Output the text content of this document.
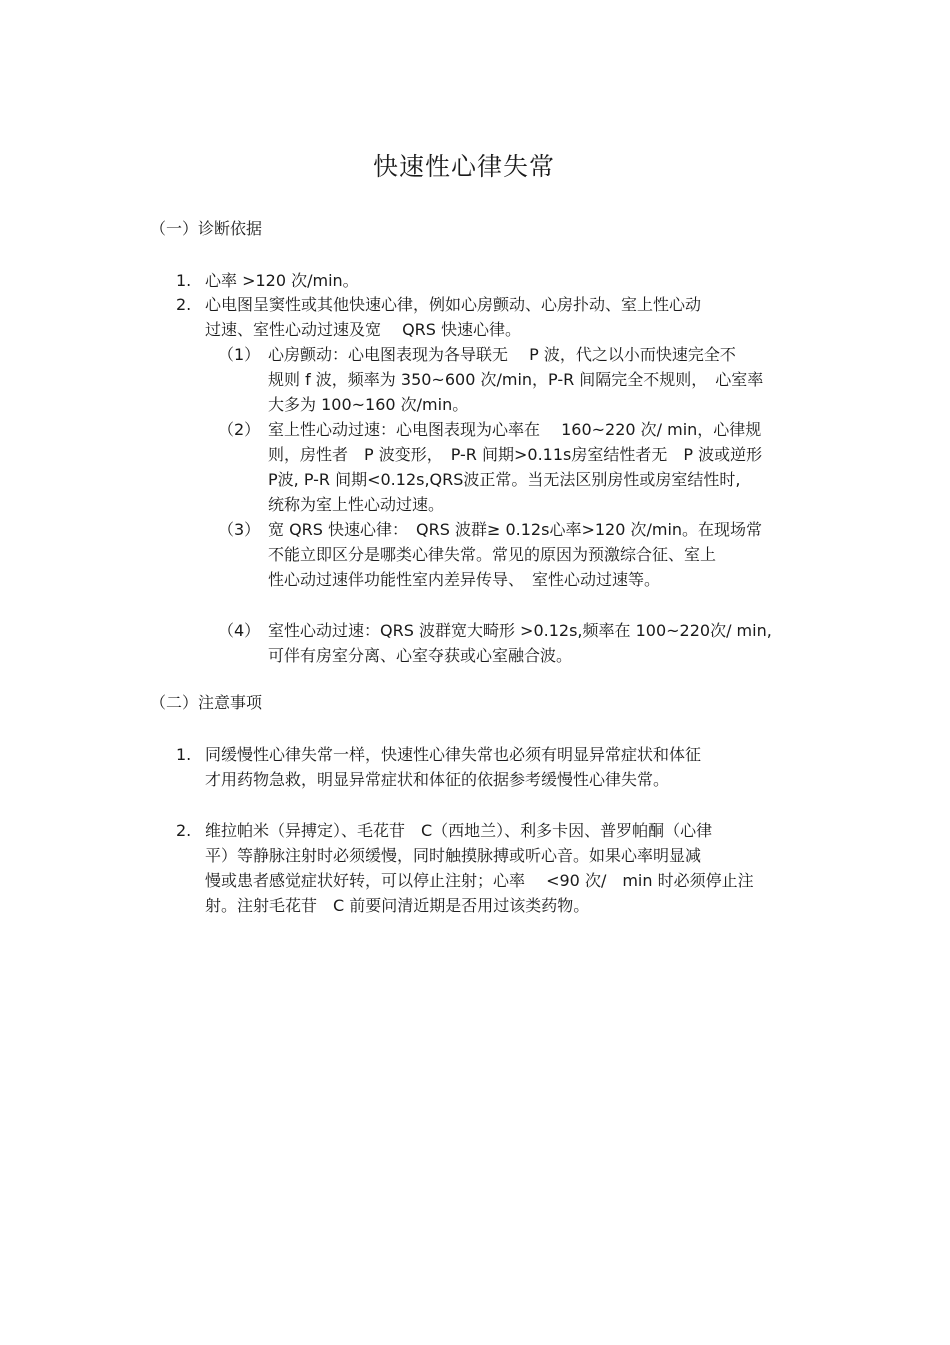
快速性心律失常
（一）诊断依据
1. 心率 >120 次/min。
2. 心电图呈窦性或其他快速心律，例如心房颤动、心房扑动、室上性心动
过速、室性心动过速及宽　 QRS 快速心律。
（1） 心房颤动：心电图表现为各导联无　 P 波，代之以小而快速完全不
规则 f 波，频率为 350~600 次/min，P-R 间隔完全不规则，　心室率
大多为 100~160 次/min。
（2） 室上性心动过速：心电图表现为心率在　 160~220 次/ min，心律规
则，房性者　P 波变形，　P-R 间期>0.11s房室结性者无　P 波或逆形
P波, P-R 间期<0.12s,QRS波正常。当无法区别房性或房室结性时,
统称为室上性心动过速。
（3） 宽 QRS 快速心律：　QRS 波群≥ 0.12s心率>120 次/min。在现场常
不能立即区分是哪类心律失常。常见的原因为预激综合征、室上
性心动过速伴功能性室内差异传导、　室性心动过速等。
（4） 室性心动过速：QRS 波群宽大畸形 >0.12s,频率在 100~220次/ min,
可伴有房室分离、心室夺获或心室融合波。
（二）注意事项
1. 同缓慢性心律失常一样，快速性心律失常也必须有明显异常症状和体征
才用药物急救，明显异常症状和体征的依据参考缓慢性心律失常。
2. 维拉帕米（异搏定）、毛花苷　C（西地兰）、利多卡因、普罗帕酮（心律
平）等静脉注射时必须缓慢，同时触摸脉搏或听心音。如果心率明显减
慢或患者感觉症状好转，可以停止注射；心率　 <90 次/　min 时必须停止注
射。注射毛花苷　C 前要问清近期是否用过该类药物。
